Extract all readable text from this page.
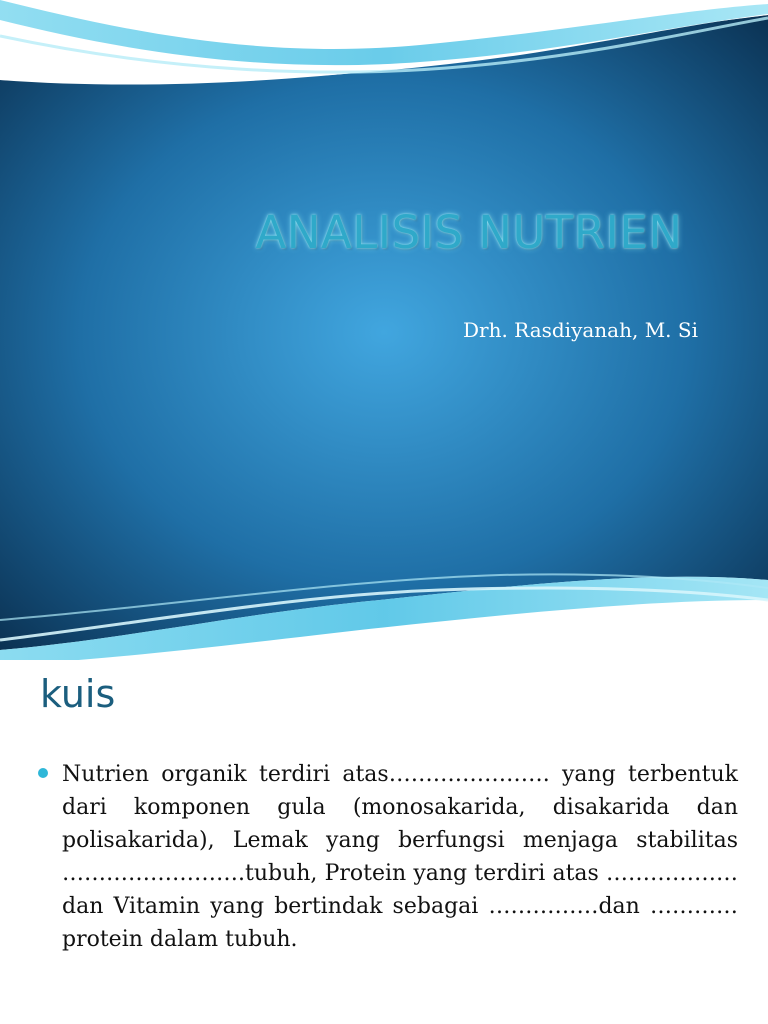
ANALISIS NUTRIEN
Drh. Rasdiyanah, M. Si
kuis
Nutrien organik terdiri atas…………………. yang terbentuk dari komponen gula (monosakarida, disakarida dan polisakarida), Lemak yang berfungsi menjaga stabilitas …………………….tubuh, Protein yang terdiri atas ……………… dan Vitamin yang bertindak sebagai ……………dan ………… protein dalam tubuh.
